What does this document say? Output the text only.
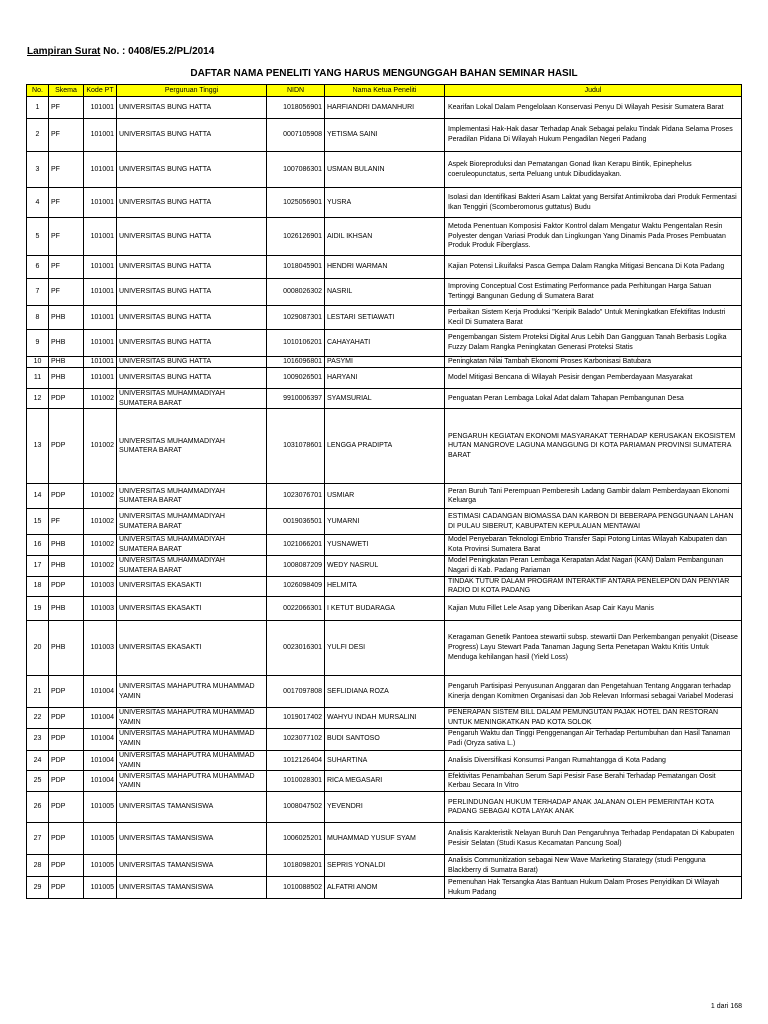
Lampiran Surat No. : 0408/E5.2/PL/2014
DAFTAR NAMA PENELITI YANG HARUS MENGUNGGAH BAHAN SEMINAR HASIL
No.	Skema	Kode PT	Perguruan Tinggi	NIDN	Nama Ketua Peneliti	Judul
1	PF	101001	UNIVERSITAS BUNG HATTA	1018056901	HARFIANDRI DAMANHURI	Kearifan Lokal Dalam Pengelolaan Konservasi Penyu Di Wilayah Pesisir Sumatera Barat
2	PF	101001	UNIVERSITAS BUNG HATTA	0007105908	YETISMA SAINI	Implementasi Hak-Hak dasar Terhadap Anak Sebagai pelaku Tindak Pidana Selama Proses Peradilan Pidana Di Wilayah Hukum Pengadilan Negeri Padang
3	PF	101001	UNIVERSITAS BUNG HATTA	1007086301	USMAN BULANIN	Aspek Bioreproduksi dan Pematangan Gonad Ikan Kerapu Bintik, Epinephelus coeruleopunctatus, serta Peluang untuk Dibudidayakan.
4	PF	101001	UNIVERSITAS BUNG HATTA	1025056901	YUSRA	Isolasi dan Identifikasi Bakteri Asam Laktat yang Bersifat Antimikroba dari Produk Fermentasi Ikan Tenggiri (Scomberomorus guttatus) Budu
5	PF	101001	UNIVERSITAS BUNG HATTA	1026126901	AIDIL IKHSAN	Metoda Penentuan Komposisi Faktor Kontrol dalam Mengatur Waktu Pengentalan Resin Polyester dengan Variasi Produk dan Lingkungan Yang Dinamis Pada Proses Pembuatan Produk Produk Fiberglass.
6	PF	101001	UNIVERSITAS BUNG HATTA	1018045901	HENDRI WARMAN	Kajian Potensi Likuifaksi Pasca Gempa Dalam Rangka Mitigasi Bencana Di Kota Padang
7	PF	101001	UNIVERSITAS BUNG HATTA	0008026302	NASRIL	Improving Conceptual Cost Estimating Performance pada Perhitungan Harga Satuan Tertinggi Bangunan Gedung di Sumatera Barat
8	PHB	101001	UNIVERSITAS BUNG HATTA	1029087301	LESTARI SETIAWATI	Perbaikan Sistem Kerja Produksi "Keripik Balado" Untuk Meningkatkan Efektifitas Industri Kecil Di Sumatera Barat
9	PHB	101001	UNIVERSITAS BUNG HATTA	1010106201	CAHAYAHATI	Pengembangan Sistem Proteksi Digital Arus Lebih Dan Gangguan Tanah Berbasis Logika Fuzzy Dalam Rangka Peningkatan Generasi Proteksi Statis
10	PHB	101001	UNIVERSITAS BUNG HATTA	1016096801	PASYMI	Peningkatan Nilai Tambah Ekonomi Proses Karbonisasi Batubara
11	PHB	101001	UNIVERSITAS BUNG HATTA	1009026501	HARYANI	Model Mitigasi Bencana di Wilayah Pesisir dengan Pemberdayaan Masyarakat
12	PDP	101002	UNIVERSITAS MUHAMMADIYAH SUMATERA BARAT	9910006397	SYAMSURIAL	Penguatan Peran Lembaga Lokal Adat dalam Tahapan Pembangunan Desa
13	PDP	101002	UNIVERSITAS MUHAMMADIYAH SUMATERA BARAT	1031078601	LENGGA PRADIPTA	PENGARUH KEGIATAN EKONOMI MASYARAKAT TERHADAP KERUSAKAN EKOSISTEM HUTAN MANGROVE LAGUNA MANGGUNG DI KOTA PARIAMAN PROVINSI SUMATERA BARAT
14	PDP	101002	UNIVERSITAS MUHAMMADIYAH SUMATERA BARAT	1023076701	USMIAR	Peran Buruh Tani Perempuan Pemberesih Ladang Gambir dalam Pemberdayaan Ekonomi Keluarga
15	PF	101002	UNIVERSITAS MUHAMMADIYAH SUMATERA BARAT	0019036501	YUMARNI	ESTIMASI CADANGAN BIOMASSA DAN KARBON DI BEBERAPA PENGGUNAAN LAHAN DI PULAU SIBERUT, KABUPATEN KEPULAUAN MENTAWAI
16	PHB	101002	UNIVERSITAS MUHAMMADIYAH SUMATERA BARAT	1021066201	YUSNAWETI	Model Penyebaran Teknologi Embrio Transfer Sapi Potong Lintas Wilayah Kabupaten dan Kota Provinsi Sumatera Barat
17	PHB	101002	UNIVERSITAS MUHAMMADIYAH SUMATERA BARAT	1008087209	WEDY NASRUL	Model Peningkatan Peran Lembaga Kerapatan Adat Nagari (KAN) Dalam Pembangunan Nagari di Kab. Padang Pariaman
18	PDP	101003	UNIVERSITAS EKASAKTI	1026098409	HELMITA	TINDAK TUTUR DALAM PROGRAM INTERAKTIF ANTARA PENELEPON DAN PENYIAR RADIO DI KOTA PADANG
19	PHB	101003	UNIVERSITAS EKASAKTI	0022066301	I KETUT BUDARAGA	Kajian Mutu Fillet Lele Asap yang Diberikan Asap Cair Kayu Manis
20	PHB	101003	UNIVERSITAS EKASAKTI	0023016301	YULFI DESI	Keragaman Genetik Pantoea stewartii subsp. stewartii Dan Perkembangan penyakit (Disease Progress) Layu Stewart Pada Tanaman Jagung Serta Penetapan Waktu Kritis Untuk Menduga kehilangan hasil (Yield Loss)
21	PDP	101004	UNIVERSITAS MAHAPUTRA MUHAMMAD YAMIN	0017097808	SEFLIDIANA ROZA	Pengaruh Partisipasi Penyusunan Anggaran dan Pengetahuan Tentang Anggaran terhadap Kinerja dengan Komitmen Organisasi dan Job Relevan Informasi sebagai Variabel Moderasi
22	PDP	101004	UNIVERSITAS MAHAPUTRA MUHAMMAD YAMIN	1019017402	WAHYU INDAH MURSALINI	PENERAPAN SISTEM BILL DALAM PEMUNGUTAN PAJAK HOTEL DAN RESTORAN UNTUK MENINGKATKAN PAD KOTA SOLOK
23	PDP	101004	UNIVERSITAS MAHAPUTRA MUHAMMAD YAMIN	1023077102	BUDI SANTOSO	Pengaruh Waktu dan Tinggi Penggenangan Air Terhadap Pertumbuhan dan Hasil Tanaman Padi (Oryza sativa L.)
24	PDP	101004	UNIVERSITAS MAHAPUTRA MUHAMMAD YAMIN	1012126404	SUHARTINA	Analisis Diversifikasi Konsumsi Pangan Rumahtangga di Kota Padang
25	PDP	101004	UNIVERSITAS MAHAPUTRA MUHAMMAD YAMIN	1010028301	RICA MEGASARI	Efektivitas Penambahan Serum Sapi Pesisir Fase Berahi Terhadap Pematangan Oosit Kerbau Secara In Vitro
26	PDP	101005	UNIVERSITAS TAMANSISWA	1008047502	YEVENDRI	PERLINDUNGAN HUKUM TERHADAP ANAK JALANAN OLEH PEMERINTAH KOTA PADANG SEBAGAI KOTA LAYAK ANAK
27	PDP	101005	UNIVERSITAS TAMANSISWA	1006025201	MUHAMMAD YUSUF SYAM	Analisis Karakteristik Nelayan Buruh Dan Pengaruhnya Terhadap Pendapatan Di Kabupaten Pesisir Selatan (Studi Kasus Kecamatan Pancung Soal)
28	PDP	101005	UNIVERSITAS TAMANSISWA	1018098201	SEPRIS YONALDI	Analisis Communitization sebagai New Wave Marketing Starategy (studi Pengguna Blackberry di Sumatra Barat)
29	PDP	101005	UNIVERSITAS TAMANSISWA	1010088502	ALFATRI ANOM	Pemenuhan Hak Tersangka Atas Bantuan Hukum Dalam Proses Penyidikan Di Wilayah Hukum Padang
1 dari 168
